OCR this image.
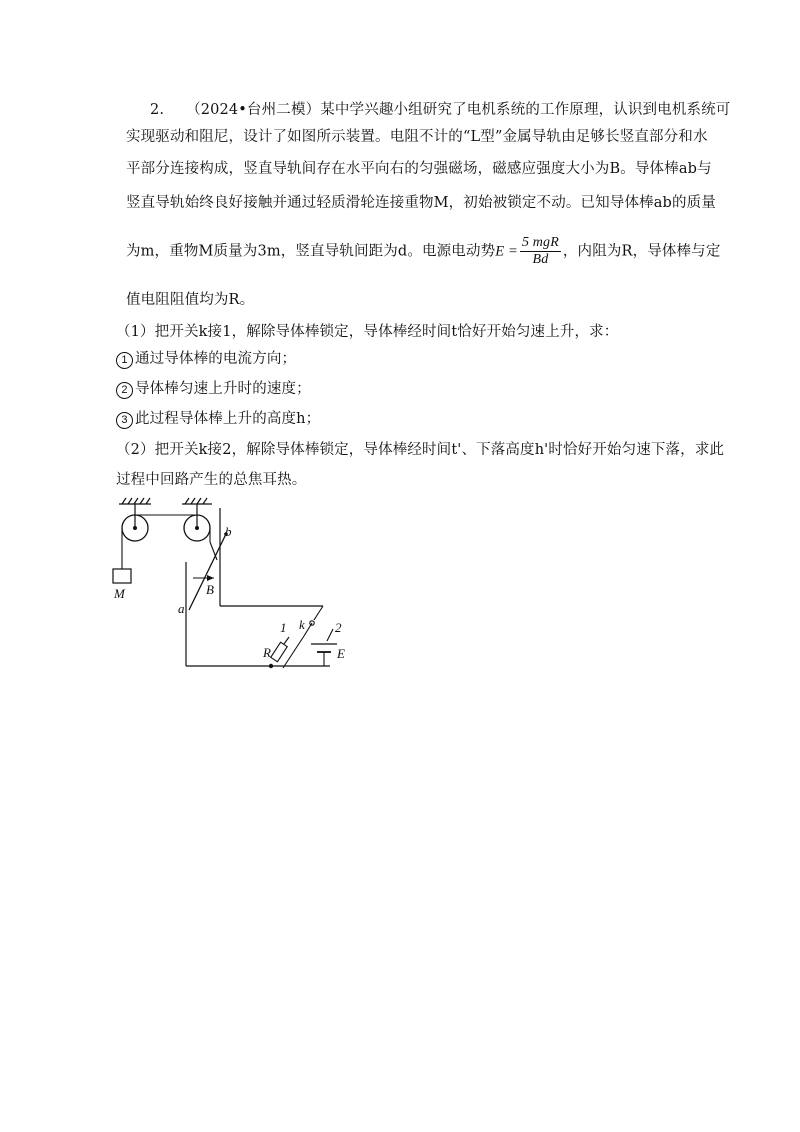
2. （2024•台州二模）某中学兴趣小组研究了电机系统的工作原理，认识到电机系统可
实现驱动和阻尼，设计了如图所示装置。电阻不计的“L型”金属导轨由足够长竖直部分和水
平部分连接构成，竖直导轨间存在水平向右的匀强磁场，磁感应强度大小为B。导体棒ab与
竖直导轨始终良好接触并通过轻质滑轮连接重物M，初始被锁定不动。已知导体棒ab的质量
为m，重物M质量为3m，竖直导轨间距为d。电源电动势$E = \frac{\text{5 mgR}}{Bd}$ ，内阻为R，导体棒与定
值电阻阻值均为R。
（1）把开关k接1，解除导体棒锁定，导体棒经时间t恰好开始匀速上升，求：
1 通过导体棒的电流方向；
2 导体棒匀速上升时的速度；
3 此过程导体棒上升的高度h；
（2）把开关k接2，解除导体棒锁定，导体棒经时间t'、下落高度h'时恰好开始匀速下落，求此
过程中回路产生的总焦耳热。
M
b
a
B
k
1
R
2
E
